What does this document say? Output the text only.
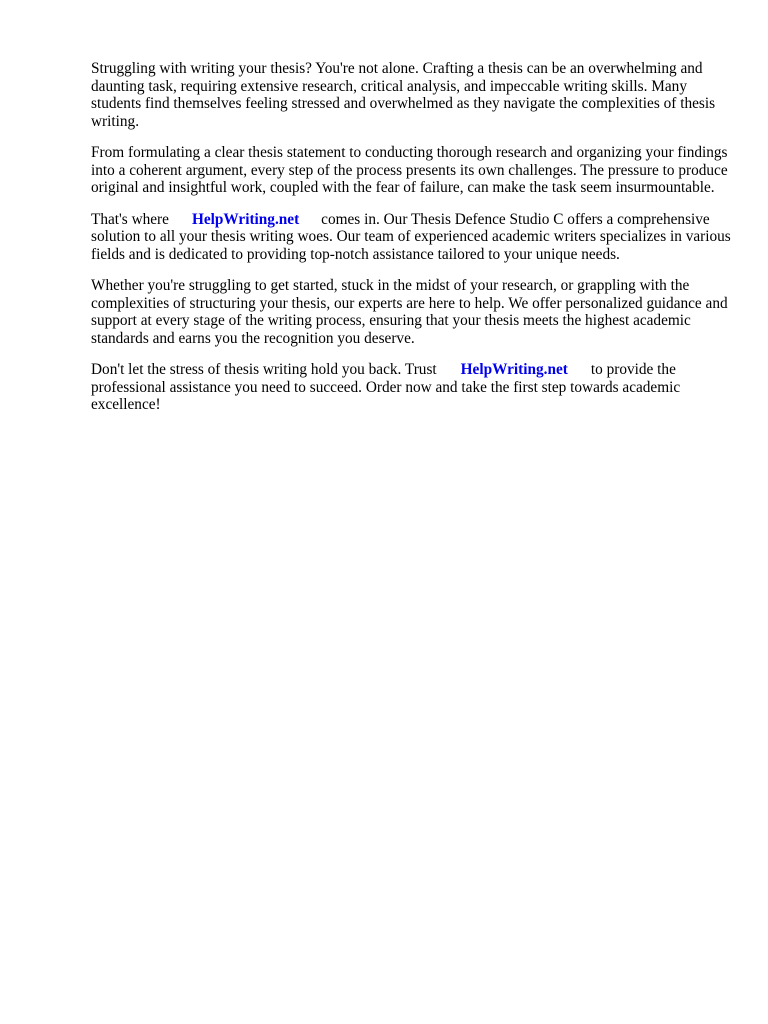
Struggling with writing your thesis? You're not alone. Crafting a thesis can be an overwhelming and daunting task, requiring extensive research, critical analysis, and impeccable writing skills. Many students find themselves feeling stressed and overwhelmed as they navigate the complexities of thesis writing.

From formulating a clear thesis statement to conducting thorough research and organizing your findings into a coherent argument, every step of the process presents its own challenges. The pressure to produce original and insightful work, coupled with the fear of failure, can make the task seem insurmountable.

That's where HelpWriting.net comes in. Our Thesis Defence Studio C offers a comprehensive solution to all your thesis writing woes. Our team of experienced academic writers specializes in various fields and is dedicated to providing top-notch assistance tailored to your unique needs.

Whether you're struggling to get started, stuck in the midst of your research, or grappling with the complexities of structuring your thesis, our experts are here to help. We offer personalized guidance and support at every stage of the writing process, ensuring that your thesis meets the highest academic standards and earns you the recognition you deserve.

Don't let the stress of thesis writing hold you back. Trust HelpWriting.net to provide the professional assistance you need to succeed. Order now and take the first step towards academic excellence!
